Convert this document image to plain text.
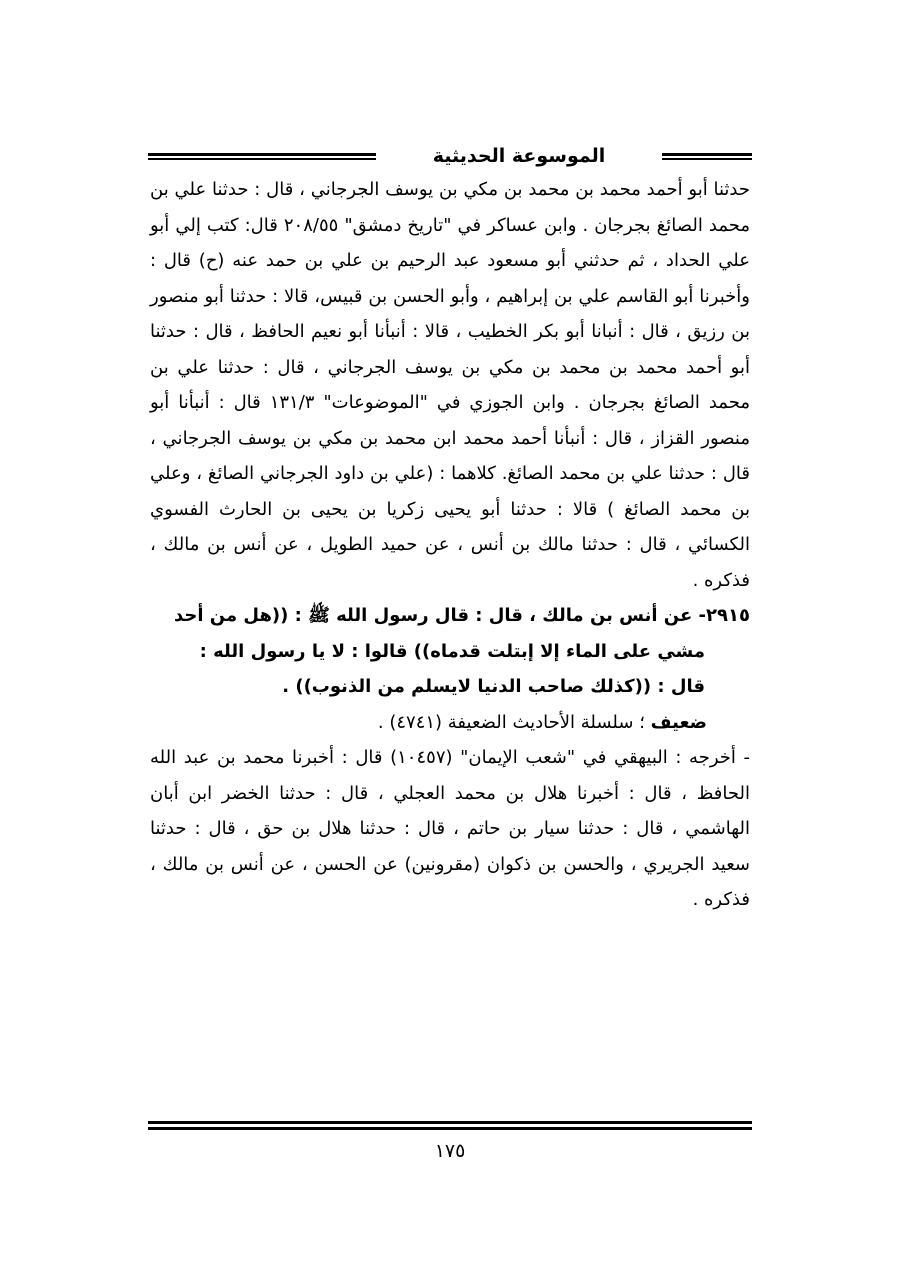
الموسوعة الحديثية

حدثنا أبو أحمد محمد بن محمد بن مكي بن يوسف الجرجاني ، قال : حدثنا علي بن محمد الصائغ بجرجان . وابن عساكر في "تاريخ دمشق" ٢٠٨/٥٥ قال: كتب إلي أبو علي الحداد ، ثم حدثني أبو مسعود عبد الرحيم بن علي بن حمد عنه (ح) قال : وأخبرنا أبو القاسم علي بن إبراهيم ، وأبو الحسن بن قبيس، قالا : حدثنا أبو منصور بن رزيق ، قال : أنبانا أبو بكر الخطيب ، قالا : أنبأنا أبو نعيم الحافظ ، قال : حدثنا أبو أحمد محمد بن محمد بن مكي بن يوسف الجرجاني ، قال : حدثنا علي بن محمد الصائغ بجرجان . وابن الجوزي في "الموضوعات" ١٣١/٣ قال : أنبأنا أبو منصور القزاز ، قال : أنبأنا أحمد محمد ابن محمد بن مكي بن يوسف الجرجاني ، قال : حدثنا علي بن محمد الصائغ. كلاهما : (علي بن داود الجرجاني الصائغ ، وعلي بن محمد الصائغ ) قالا : حدثنا أبو يحيى زكريا بن يحيى بن الحارث الفسوي الكسائي ، قال : حدثنا مالك بن أنس ، عن حميد الطويل ، عن أنس بن مالك ، فذكره .

٢٩١٥- عن أنس بن مالك ، قال : قال رسول الله ﷺ : ((هل من أحد
مشي على الماء إلا إبتلت قدماه)) قالوا : لا يا رسول الله :
قال : ((كذلك صاحب الدنيا لايسلم من الذنوب)) .

ضعيف ؛ سلسلة الأحاديث الضعيفة (٤٧٤١) .

- أخرجه : البيهقي في "شعب الإيمان" (١٠٤٥٧) قال : أخبرنا محمد بن عبد الله الحافظ ، قال : أخبرنا هلال بن محمد العجلي ، قال : حدثنا الخضر ابن أبان الهاشمي ، قال : حدثنا سيار بن حاتم ، قال : حدثنا هلال بن حق ، قال : حدثنا سعيد الجريري ، والحسن بن ذكوان (مقرونين) عن الحسن ، عن أنس بن مالك ، فذكره .

١٧٥
